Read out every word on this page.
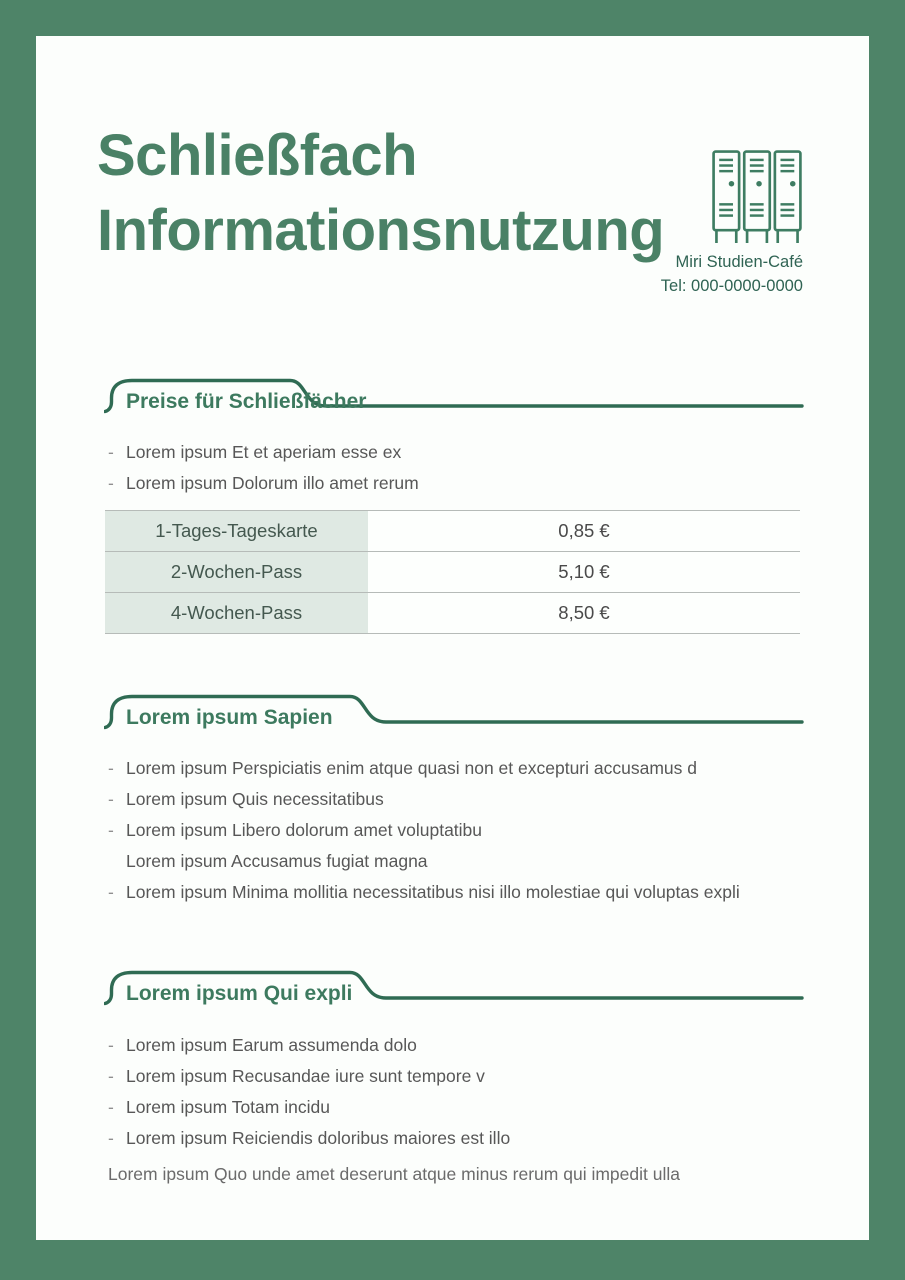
Schließfach
Informationsnutzung Miri Studien-Café
Tel: 000-0000-0000
Preise für Schließfächer
- Lorem ipsum Et et aperiam esse ex
- Lorem ipsum Dolorum illo amet rerum
1-Tages-Tageskarte	0,85 €
2-Wochen-Pass	5,10 €
4-Wochen-Pass	8,50 €
Lorem ipsum Sapien
- Lorem ipsum Perspiciatis enim atque quasi non et excepturi accusamus d
- Lorem ipsum Quis necessitatibus
- Lorem ipsum Libero dolorum amet voluptatibu
Lorem ipsum Accusamus fugiat magna
- Lorem ipsum Minima mollitia necessitatibus nisi illo molestiae qui voluptas expli
Lorem ipsum Qui expli
- Lorem ipsum Earum assumenda dolo
- Lorem ipsum Recusandae iure sunt tempore v
- Lorem ipsum Totam incidu
- Lorem ipsum Reiciendis doloribus maiores est illo
Lorem ipsum Quo unde amet deserunt atque minus rerum qui impedit ulla
